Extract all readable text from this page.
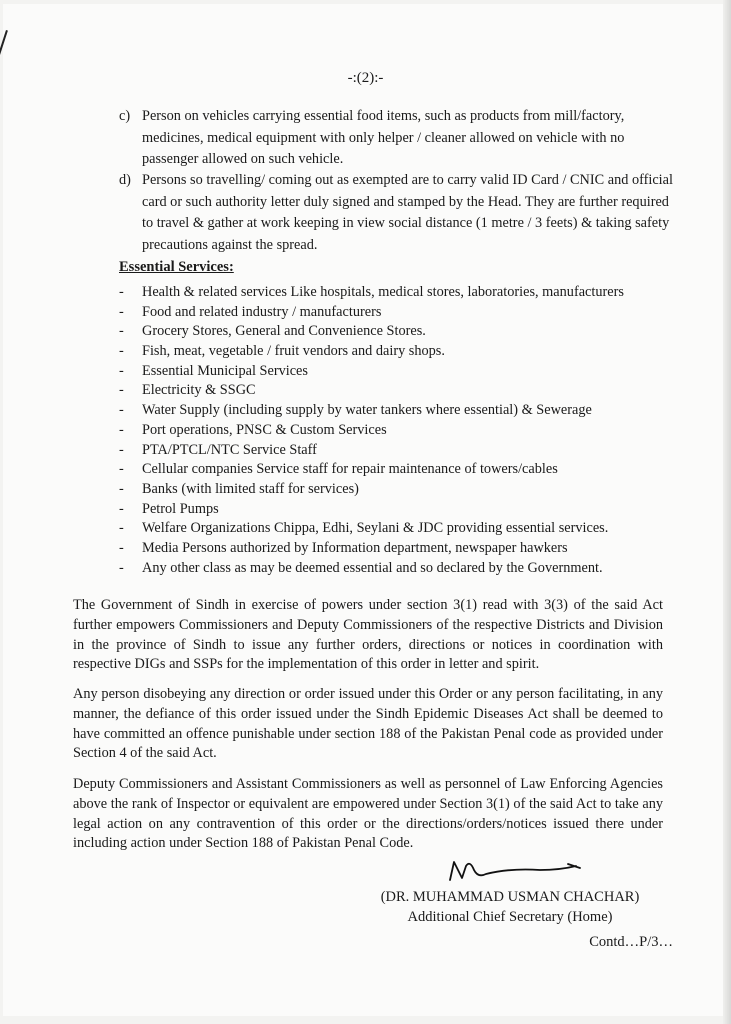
-:(2):-
c) Person on vehicles carrying essential food items, such as products from mill/factory, medicines, medical equipment with only helper / cleaner allowed on vehicle with no passenger allowed on such vehicle.
d) Persons so travelling/ coming out as exempted are to carry valid ID Card / CNIC and official card or such authority letter duly signed and stamped by the Head. They are further required to travel & gather at work keeping in view social distance (1 metre / 3 feets) & taking safety precautions against the spread.
Essential Services:
- Health & related services Like hospitals, medical stores, laboratories, manufacturers
- Food and related industry / manufacturers
- Grocery Stores, General and Convenience Stores.
- Fish, meat, vegetable / fruit vendors and dairy shops.
- Essential Municipal Services
- Electricity & SSGC
- Water Supply (including supply by water tankers where essential) & Sewerage
- Port operations, PNSC & Custom Services
- PTA/PTCL/NTC Service Staff
- Cellular companies Service staff for repair maintenance of towers/cables
- Banks (with limited staff for services)
- Petrol Pumps
- Welfare Organizations Chippa, Edhi, Seylani & JDC providing essential services.
- Media Persons authorized by Information department, newspaper hawkers
- Any other class as may be deemed essential and so declared by the Government.

The Government of Sindh in exercise of powers under section 3(1) read with 3(3) of the said Act further empowers Commissioners and Deputy Commissioners of the respective Districts and Division in the province of Sindh to issue any further orders, directions or notices in coordination with respective DIGs and SSPs for the implementation of this order in letter and spirit.

Any person disobeying any direction or order issued under this Order or any person facilitating, in any manner, the defiance of this order issued under the Sindh Epidemic Diseases Act shall be deemed to have committed an offence punishable under section 188 of the Pakistan Penal code as provided under Section 4 of the said Act.

Deputy Commissioners and Assistant Commissioners as well as personnel of Law Enforcing Agencies above the rank of Inspector or equivalent are empowered under Section 3(1) of the said Act to take any legal action on any contravention of this order or the directions/orders/notices issued there under including action under Section 188 of Pakistan Penal Code.

(DR. MUHAMMAD USMAN CHACHAR)
Additional Chief Secretary (Home)
Contd…P/3…
